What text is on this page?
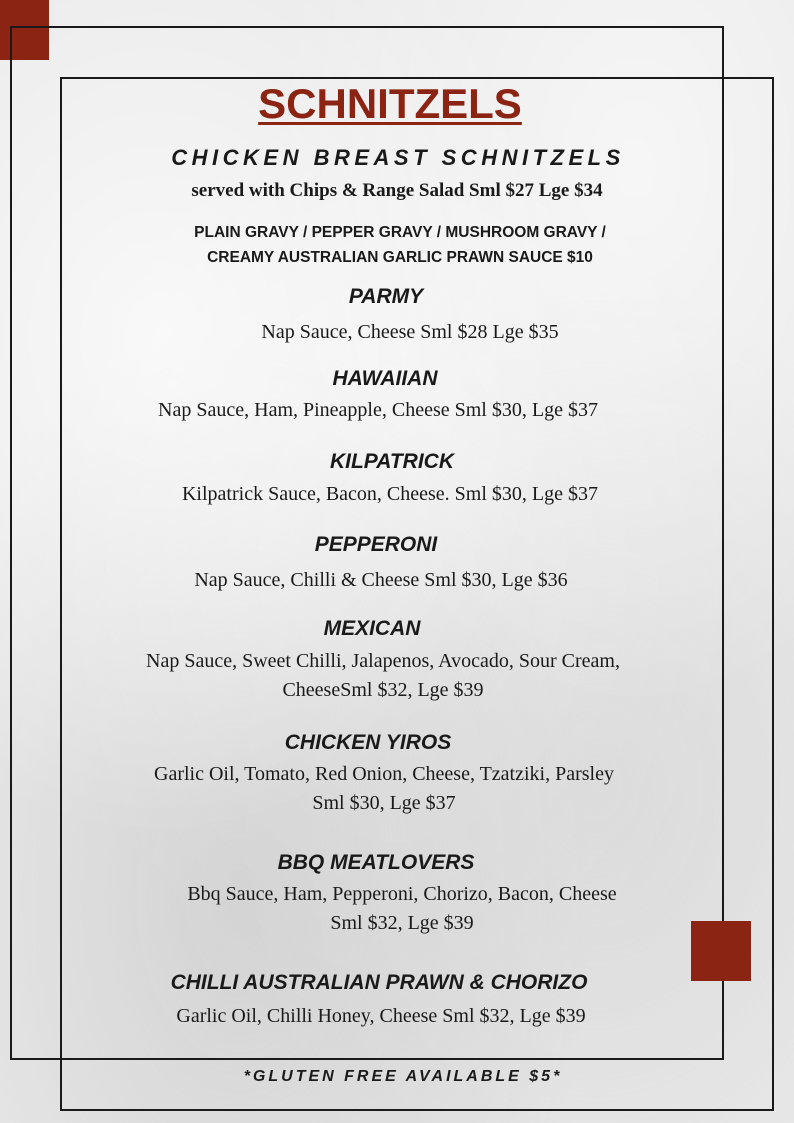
SCHNITZELS
CHICKEN BREAST SCHNITZELS
served with Chips & Range Salad Sml $27 Lge $34
PLAIN GRAVY / PEPPER GRAVY / MUSHROOM GRAVY /
CREAMY AUSTRALIAN GARLIC PRAWN SAUCE $10
PARMY
Nap Sauce, Cheese Sml $28 Lge $35
HAWAIIAN
Nap Sauce, Ham, Pineapple, Cheese Sml $30, Lge $37
KILPATRICK
Kilpatrick Sauce, Bacon, Cheese. Sml $30, Lge $37
PEPPERONI
Nap Sauce, Chilli & Cheese Sml $30, Lge $36
MEXICAN
Nap Sauce, Sweet Chilli, Jalapenos, Avocado, Sour Cream,
CheeseSml $32, Lge $39
CHICKEN YIROS
Garlic Oil, Tomato, Red Onion, Cheese, Tzatziki, Parsley
Sml $30, Lge $37
BBQ MEATLOVERS
Bbq Sauce, Ham, Pepperoni, Chorizo, Bacon, Cheese
Sml $32, Lge $39
CHILLI AUSTRALIAN PRAWN & CHORIZO
Garlic Oil, Chilli Honey, Cheese Sml $32, Lge $39
*GLUTEN FREE AVAILABLE $5*
